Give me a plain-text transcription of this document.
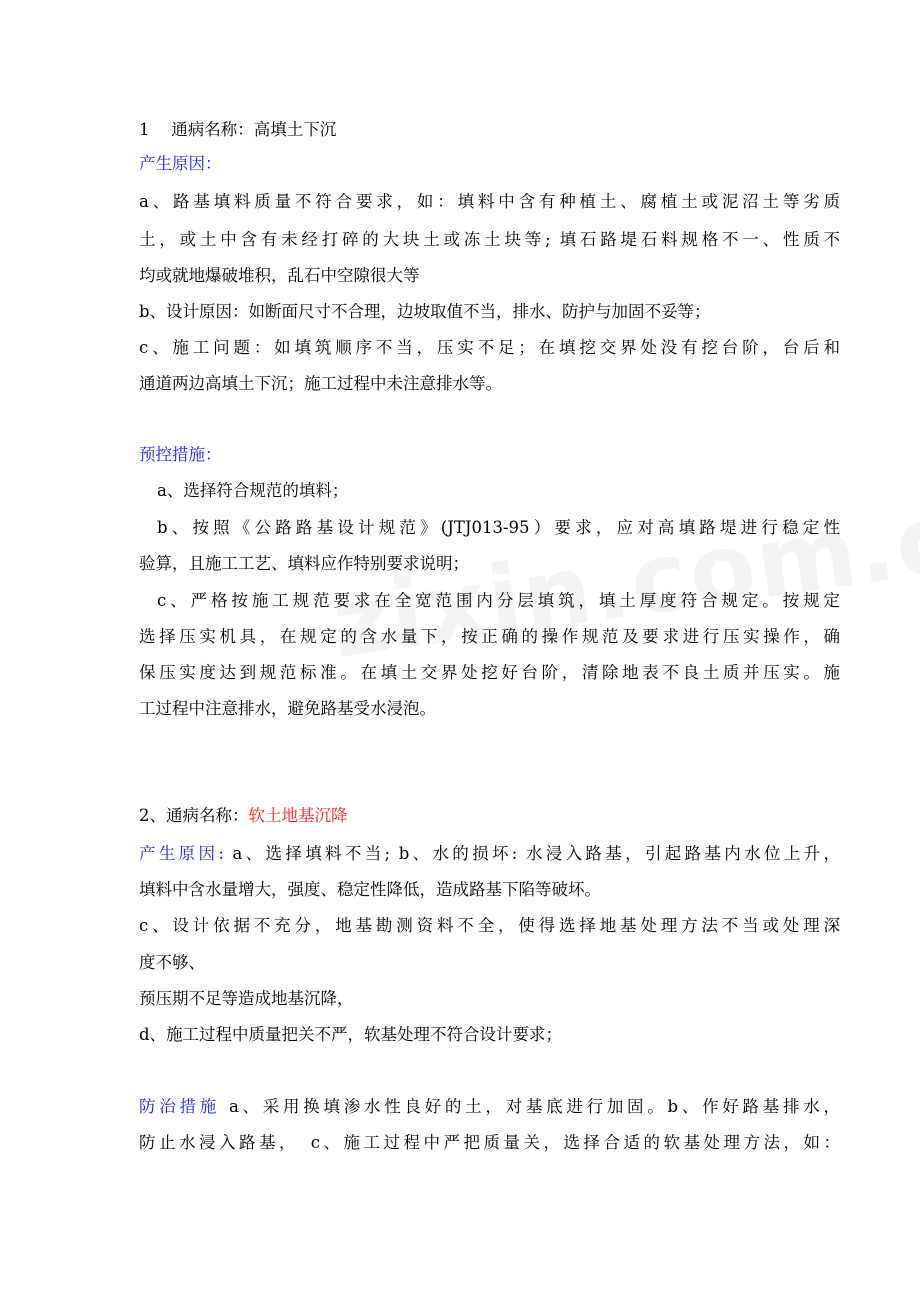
1　 通病名称：高填土下沉
产生原因：
a、路基填料质量不符合要求，如：填料中含有种植土、腐植土或泥沼土等劣质
土，或土中含有未经打碎的大块土或冻土块等; 填石路堤石料规格不一、性质不
均或就地爆破堆积，乱石中空隙很大等
b、设计原因：如断面尺寸不合理，边坡取值不当，排水、防护与加固不妥等；
c、施工问题：如填筑顺序不当，压实不足；在填挖交界处没有挖台阶，台后和
通道两边高填土下沉；施工过程中未注意排水等。
预控措施：
a、选择符合规范的填料；
b、按照《公路路基设计规范》(JTJ013-95）要求，应对高填路堤进行稳定性
验算，且施工工艺、填料应作特别要求说明；
c、严格按施工规范要求在全宽范围内分层填筑，填土厚度符合规定。按规定
选择压实机具，在规定的含水量下，按正确的操作规范及要求进行压实操作，确
保压实度达到规范标准。在填土交界处挖好台阶，清除地表不良土质并压实。施
工过程中注意排水，避免路基受水浸泡。
2、通病名称：软土地基沉降
产生原因: a、选择填料不当; b、水的损坏: 水浸入路基，引起路基内水位上升，
填料中含水量增大，强度、稳定性降低，造成路基下陷等破坏。
c、设计依据不充分，地基勘测资料不全，使得选择地基处理方法不当或处理深
度不够、
预压期不足等造成地基沉降，
d、施工过程中质量把关不严，软基处理不符合设计要求；
防治措施 a、采用换填渗水性良好的土，对基底进行加固。b、作好路基排水，
防止水浸入路基，　c、施工过程中严把质量关，选择合适的软基处理方法，如：
